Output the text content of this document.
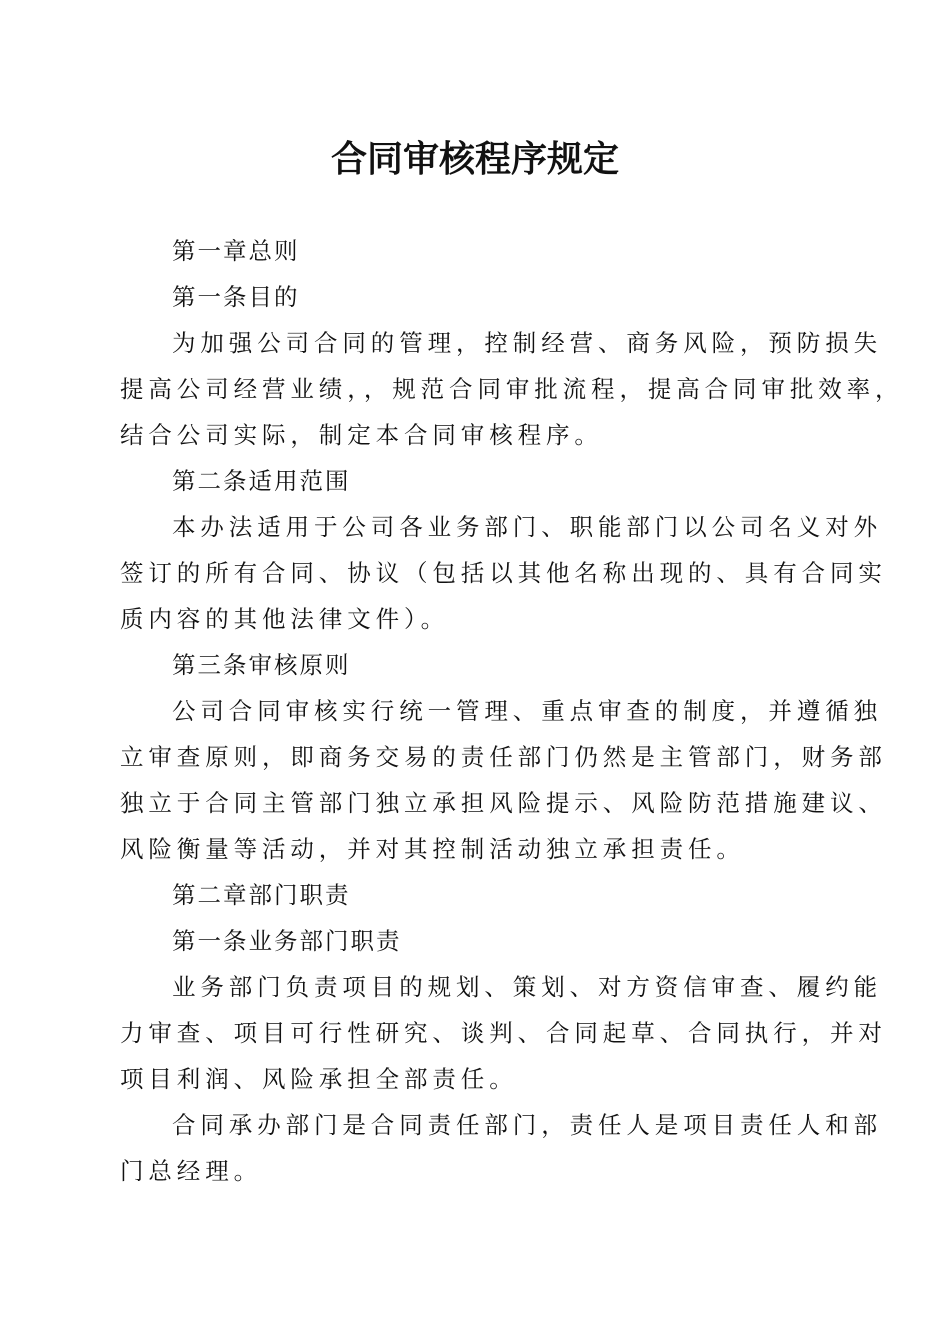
合同审核程序规定
第一章总则
第一条目的
为加强公司合同的管理，控制经营、商务风险，预防损失
提高公司经营业绩，，规范合同审批流程，提高合同审批效率，
结合公司实际，制定本合同审核程序。
第二条适用范围
本办法适用于公司各业务部门、职能部门以公司名义对外
签订的所有合同、协议（包括以其他名称出现的、具有合同实
质内容的其他法律文件）。
第三条审核原则
公司合同审核实行统一管理、重点审查的制度，并遵循独
立审查原则，即商务交易的责任部门仍然是主管部门，财务部
独立于合同主管部门独立承担风险提示、风险防范措施建议、
风险衡量等活动，并对其控制活动独立承担责任。
第二章部门职责
第一条业务部门职责
业务部门负责项目的规划、策划、对方资信审查、履约能
力审查、项目可行性研究、谈判、合同起草、合同执行，并对
项目利润、风险承担全部责任。
合同承办部门是合同责任部门，责任人是项目责任人和部
门总经理。
